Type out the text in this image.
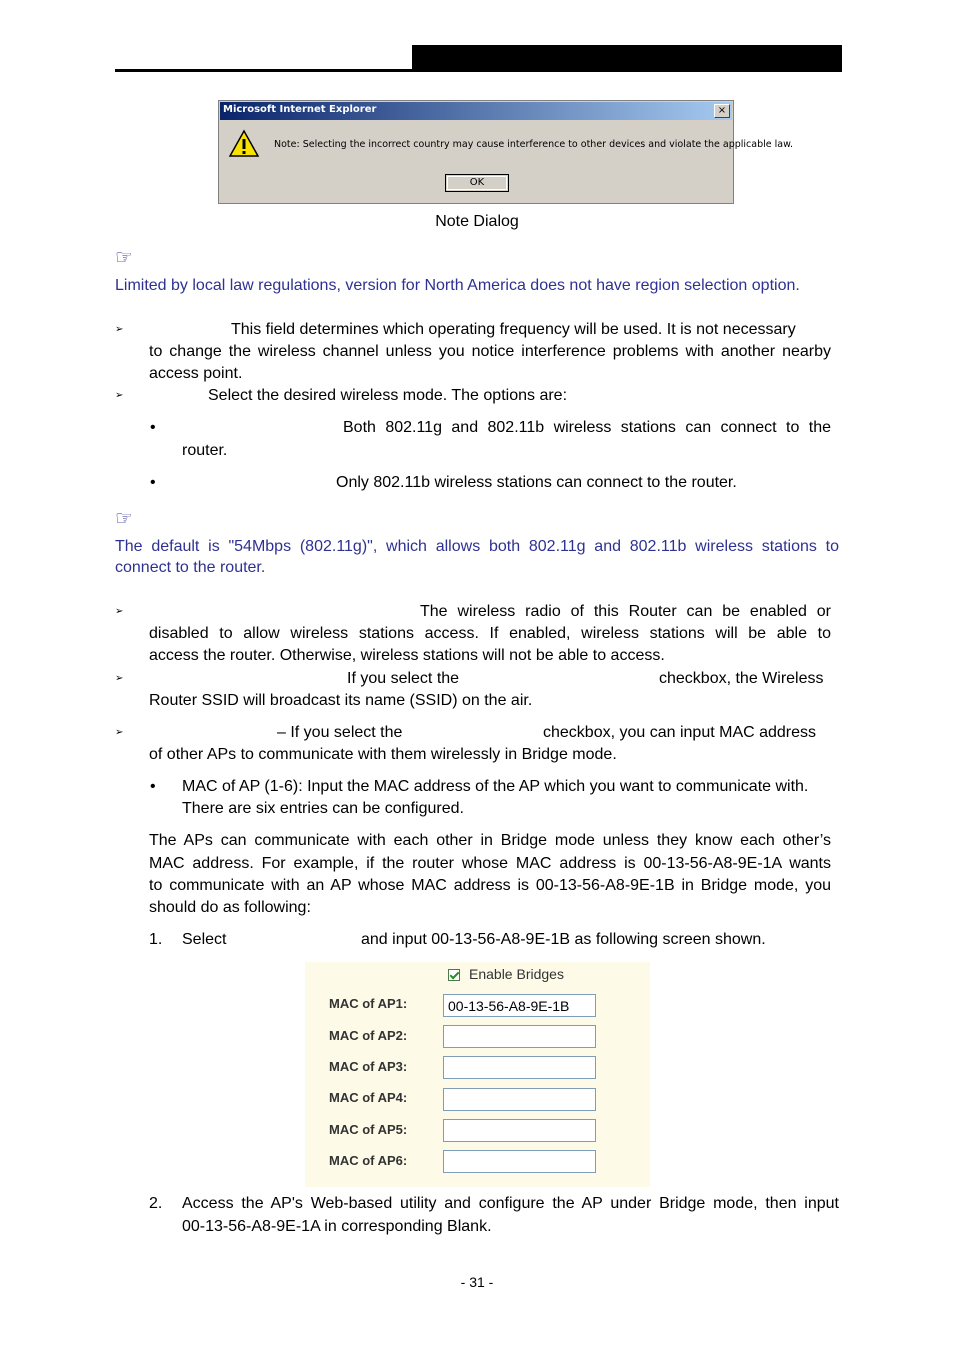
Microsoft Internet Explorer	×
Note: Selecting the incorrect country may cause interference to other devices and violate the applicable law.
OK
Note Dialog
☞
Limited by local law regulations, version for North America does not have region selection option.
➢	This field determines which operating frequency will be used. It is not necessary
to change the wireless channel unless you notice interference problems with another nearby
access point.
➢	Select the desired wireless mode. The options are:
•	Both 802.11g and 802.11b wireless stations can connect to the
router.
•	Only 802.11b wireless stations can connect to the router.
☞
The default is "54Mbps (802.11g)", which allows both 802.11g and 802.11b wireless stations to
connect to the router.
➢	The wireless radio of this Router can be enabled or
disabled to allow wireless stations access. If enabled, wireless stations will be able to
access the router. Otherwise, wireless stations will not be able to access.
➢	If you select the	checkbox, the Wireless
Router SSID will broadcast its name (SSID) on the air.
➢	– If you select the	checkbox, you can input MAC address
of other APs to communicate with them wirelessly in Bridge mode.
• MAC of AP (1-6): Input the MAC address of the AP which you want to communicate with.
There are six entries can be configured.
The APs can communicate with each other in Bridge mode unless they know each other’s
MAC address. For example, if the router whose MAC address is 00-13-56-A8-9E-1A wants
to communicate with an AP whose MAC address is 00-13-56-A8-9E-1B in Bridge mode, you
should do as following:
1. Select	and input 00-13-56-A8-9E-1B as following screen shown.
Enable Bridges
MAC of AP1:
00-13-56-A8-9E-1B
MAC of AP2:
MAC of AP3:
MAC of AP4:
MAC of AP5:
MAC of AP6:
2. Access the AP's Web-based utility and configure the AP under Bridge mode, then input
00-13-56-A8-9E-1A in corresponding Blank.
- 31 -
